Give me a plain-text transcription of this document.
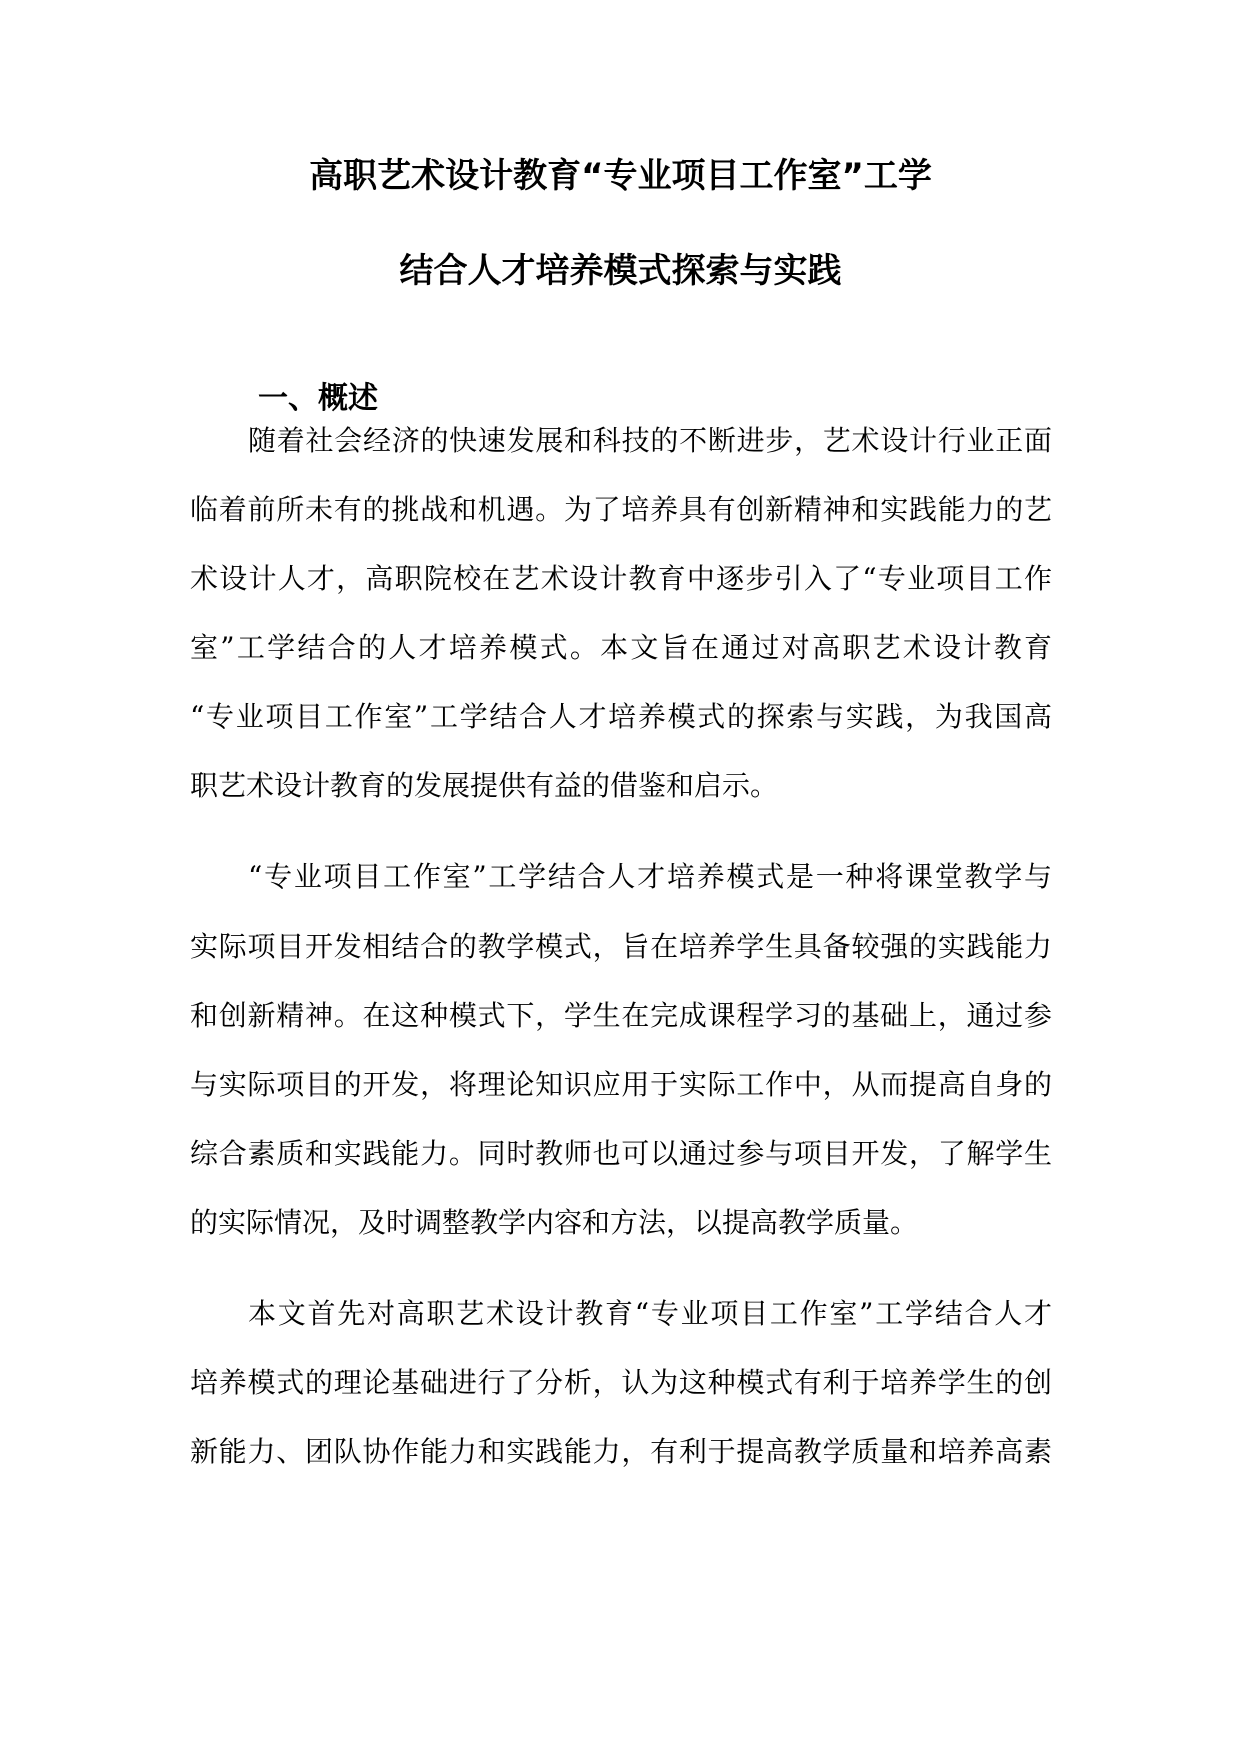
高职艺术设计教育“专业项目工作室”工学
结合人才培养模式探索与实践
一、概述
随着社会经济的快速发展和科技的不断进步，艺术设计行业正面
临着前所未有的挑战和机遇。为了培养具有创新精神和实践能力的艺
术设计人才，高职院校在艺术设计教育中逐步引入了“专业项目工作
室”工学结合的人才培养模式。本文旨在通过对高职艺术设计教育
“专业项目工作室”工学结合人才培养模式的探索与实践，为我国高
职艺术设计教育的发展提供有益的借鉴和启示。
“专业项目工作室”工学结合人才培养模式是一种将课堂教学与
实际项目开发相结合的教学模式，旨在培养学生具备较强的实践能力
和创新精神。在这种模式下，学生在完成课程学习的基础上，通过参
与实际项目的开发，将理论知识应用于实际工作中，从而提高自身的
综合素质和实践能力。同时教师也可以通过参与项目开发，了解学生
的实际情况，及时调整教学内容和方法，以提高教学质量。
本文首先对高职艺术设计教育“专业项目工作室”工学结合人才
培养模式的理论基础进行了分析，认为这种模式有利于培养学生的创
新能力、团队协作能力和实践能力，有利于提高教学质量和培养高素
